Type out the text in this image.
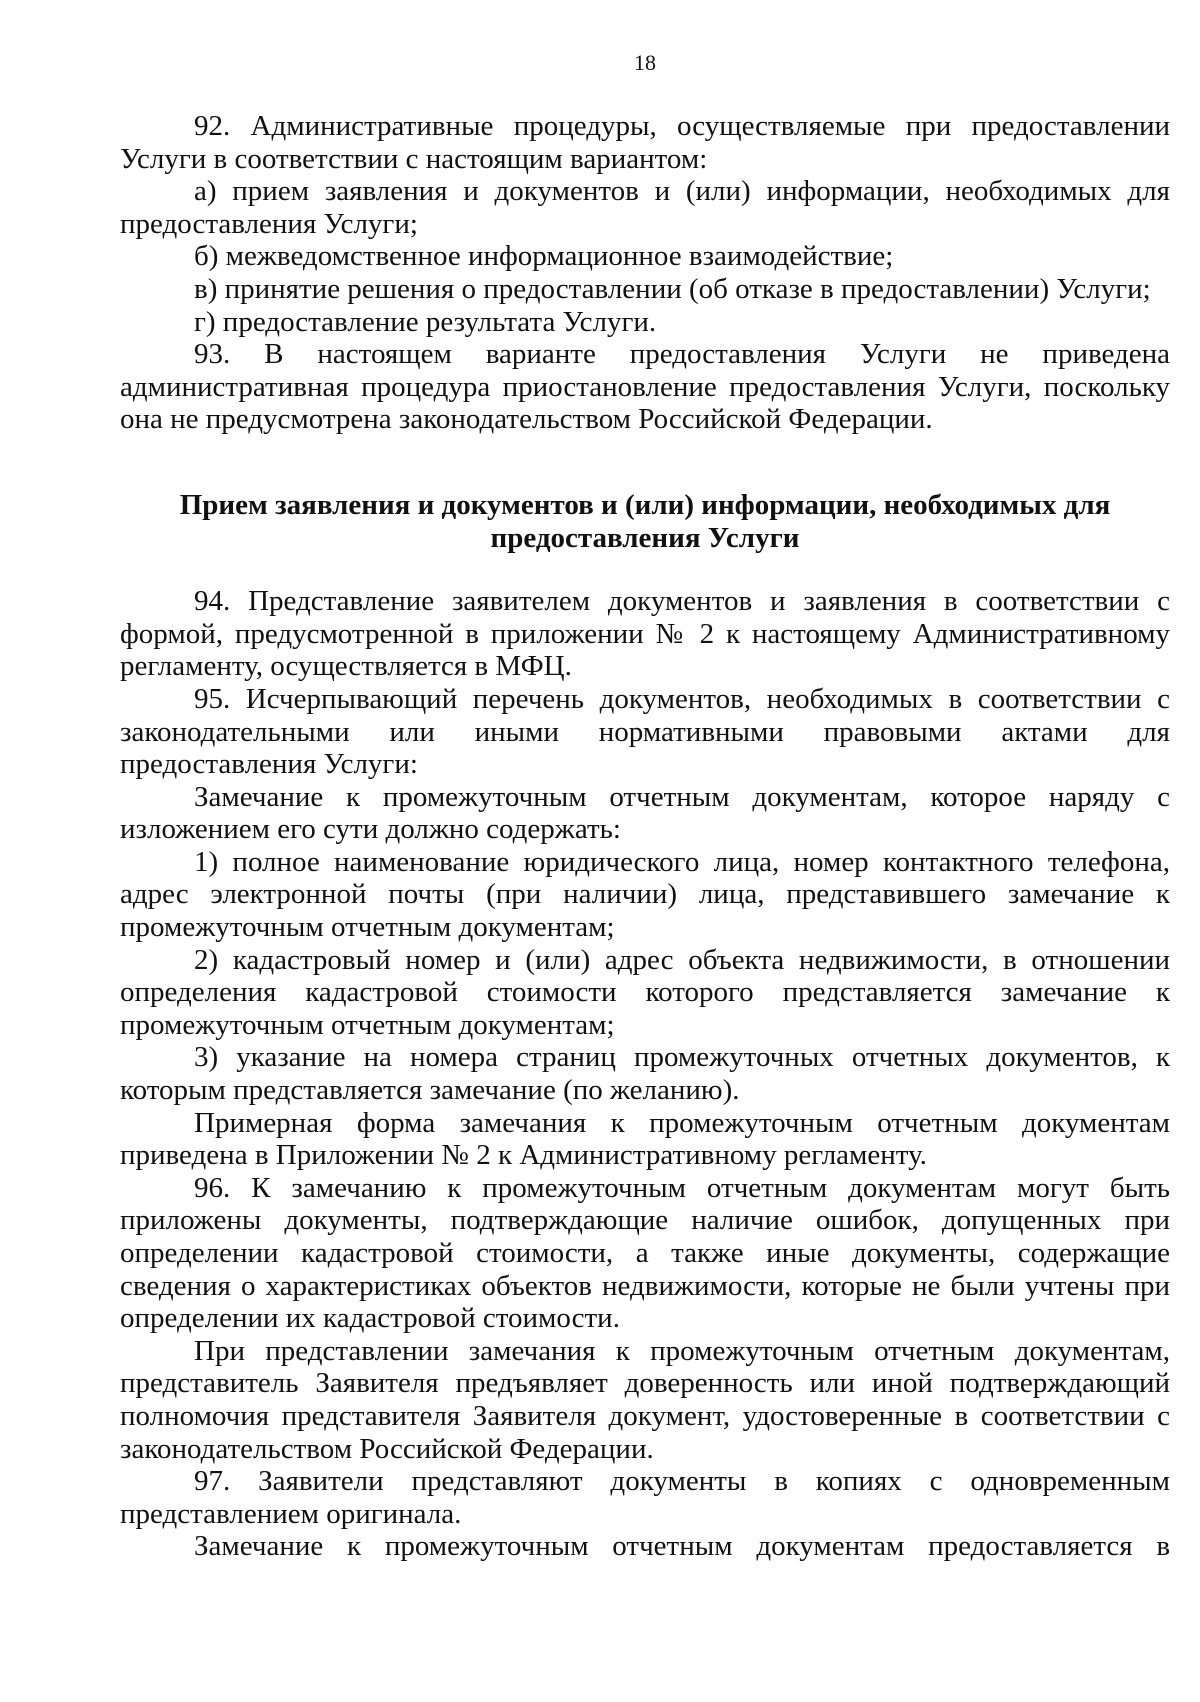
18

92. Административные процедуры, осуществляемые при предоставлении Услуги в соответствии с настоящим вариантом:

а) прием заявления и документов и (или) информации, необходимых для предоставления Услуги;

б) межведомственное информационное взаимодействие;

в) принятие решения о предоставлении (об отказе в предоставлении) Услуги;

г) предоставление результата Услуги.

93. В настоящем варианте предоставления Услуги не приведена административная процедура приостановление предоставления Услуги, поскольку она не предусмотрена законодательством Российской Федерации.

Прием заявления и документов и (или) информации, необходимых для предоставления Услуги

94. Представление заявителем документов и заявления в соответствии с формой, предусмотренной в приложении № 2 к настоящему Административному регламенту, осуществляется в МФЦ.

95. Исчерпывающий перечень документов, необходимых в соответствии с законодательными или иными нормативными правовыми актами для предоставления Услуги:

Замечание к промежуточным отчетным документам, которое наряду с изложением его сути должно содержать:

1) полное наименование юридического лица, номер контактного телефона, адрес электронной почты (при наличии) лица, представившего замечание к промежуточным отчетным документам;

2) кадастровый номер и (или) адрес объекта недвижимости, в отношении определения кадастровой стоимости которого представляется замечание к промежуточным отчетным документам;

3) указание на номера страниц промежуточных отчетных документов, к которым представляется замечание (по желанию).

Примерная форма замечания к промежуточным отчетным документам приведена в Приложении № 2 к Административному регламенту.

96. К замечанию к промежуточным отчетным документам могут быть приложены документы, подтверждающие наличие ошибок, допущенных при определении кадастровой стоимости, а также иные документы, содержащие сведения о характеристиках объектов недвижимости, которые не были учтены при определении их кадастровой стоимости.

При представлении замечания к промежуточным отчетным документам, представитель Заявителя предъявляет доверенность или иной подтверждающий полномочия представителя Заявителя документ, удостоверенные в соответствии с законодательством Российской Федерации.

97. Заявители представляют документы в копиях с одновременным представлением оригинала.

Замечание к промежуточным отчетным документам предоставляется в
